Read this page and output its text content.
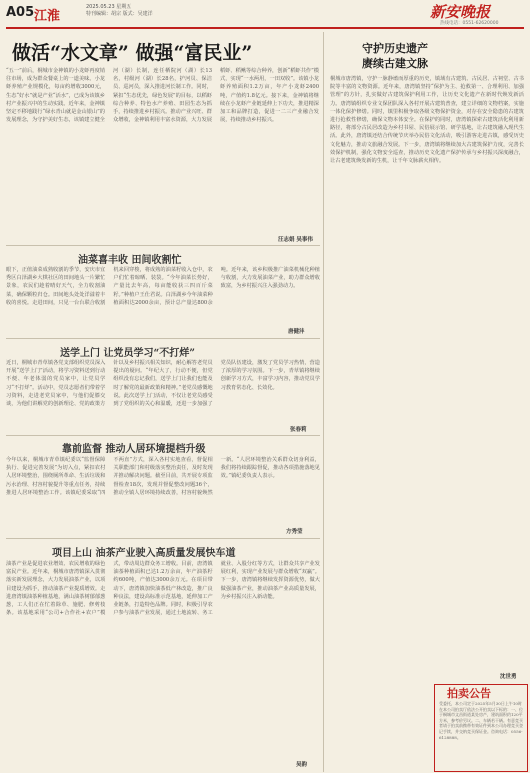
A05 江淮
2025.05.23 星期五
特刊编辑：胡宗 版式：吴建洋	新安晚报
热线电话：0551-62620000
做活“水文章” 做强“富民业”
“五一”前后，桐城市金神镇的小龙虾再度销往市场，成为群众餐桌上的一道美味。小龙虾养殖产业规模化，每亩约增收3000元，生态“好水”就是产业“活水”，已成为该镇乡村产业振兴中的生动实践。近年来，金神镇坚定不移地践行“绿水青山就是金山银山”的发展理念，为守护美好生态，该镇建立健全河（湖）长制，连任栖院河（湖）长13名，村级河（湖）长28名，护河员、保洁员、巡河员，深入推进河长制工作。同时，紧扣“生态优先，绿色发展”的目标，以稻虾综合种养、特色水产养殖、田园生态为抓手，持续推进乡村振兴。推动产业兴旺、群众增收，金神镇利用丰富水资源，大力发展稻虾、稻鳅等综合种养，创新“稻虾共作”模式，实现“一水两用，一田双收”。该镇小龙虾养殖面积1.2万亩，年产小龙虾2400吨，产值约1.8亿元。接下来，金神镇将继续在小龙虾产业链延伸上下功夫，推进精深加工和品牌打造，促进一二三产业融合发展，持续推动乡村振兴。
汪志娟 吴事伟
守护历史遗产
赓续古建文脉
桐城市唐湾镇，守护一脉静谧而厚重的历史，镇域有古建筑、古民居、古祠堂、古书院等丰富的文物资源。近年来，唐湾镇坚持“保护为主、抢救第一、合理利用、加强管理”的方针，扎实做好古建筑保护利用工作，让历史文化遗产在新时代焕发新活力。唐湾镇组织专业文保团队深入各村开展古建筑普查，建立详细的文物档案，实施一体化保护修缮。同时，镇里积极争取各级文物保护资金，对存在安全隐患的古建筑进行抢救性修缮，确保文物本体安全。在保护的同时，唐湾镇探索古建筑活化利用新路径，将部分古民居改造为乡村书屋、民俗展示馆、研学基地，让古建筑融入现代生活。此外，唐湾镇还结合传统节庆举办民俗文化活动，吸引游客走进古镇，感受历史文化魅力，推动文旅融合发展。下一步，唐湾镇将继续加大古建筑保护力度，完善长效保护机制，强化文物安全巡查，推动历史文化遗产保护传承与乡村振兴深度融合，让古老建筑焕发新的生机，让千年文脉薪火相传。
沈世勇
油菜喜丰收 田间收割忙
眼下，正值油菜成熟收割的季节，安庆市宜秀区白泽湖乡大棋社区的田间地头一片繁忙景象，农民们趁着晴好天气，全力收割油菜，确保颗粒归仓。田间地头处处洋溢着丰收的喜悦。走进田间，只见一台台联合收割机来回穿梭，将成熟的油菜籽收入仓中，农户们忙着晾晒、装袋。“今年油菜长势好，产量比去年高，每亩能收获三四百斤菜籽。”种植户王仕君说。白泽湖乡今年油菜种植面积达2000余亩，预计总产量达800余吨。近年来，该乡积极推广油菜机械化种植与收割，大力发展油菜产业，助力群众增收致富，为乡村振兴注入强劲动力。
唐健沣
送学上门 让党员学习“不打烊”
近日，桐城市青草镇各党支部组织党员深入开展“送学上门”活动，将学习资料送到行动不便、年老体弱的党员家中，让党员学习“不打烊”。活动中，党员志愿者们带着学习资料，走进老党员家中，与他们促膝交谈，为他们讲解党的创新理论、党的政策方针以及乡村振兴相关知识，耐心解答老党员提出的疑问。“年纪大了，行动不便，但党组织没有忘记我们，送学上门让我们也能及时了解党的最新政策和精神。”老党员感慨地说。此次送学上门活动，不仅让老党员感受到了党组织的关心和温暖，还进一步加强了党员队伍建设，激发了党员学习热情，营造了浓厚的学习氛围。下一步，青草镇将继续创新学习方式，丰富学习内容，推动党员学习教育常态化、长效化。
张春莉
靠前监督 推动人居环境提档升级
今年以来，桐城市青草镇纪委以“监督保障执行、促进完善发展”为切入点，紧扣农村人居环境整治，围绕厕所革命、生活垃圾和污水治理、村容村貌提升等重点任务，持续推进人居环境整治工作。该镇纪委采取“四不两直”方式，深入各村实地查看，督促相关职能部门和村级落实整治责任，及时发现并推动解决问题。截至目前，共开展专项监督检查18次，发现并督促整改问题36个，推动全镇人居环境持续改善，村容村貌焕然一新。“人居环境整治关系群众切身利益，我们将持续跟踪督促，推动各项措施落地见效。”镇纪委负责人表示。
方秀莹
项目上山 油茶产业驶入高质量发展快车道
油茶产业是促进农业增效、农民增收的绿色富民产业。近年来，桐城市唐湾镇深入贯彻落实新发展理念，大力发展油茶产业，以项目建设为抓手，推动油茶产业提质增效。走进唐湾镇油茶种植基地，满山油茶树郁郁葱葱，工人们正在忙着除草、施肥、修剪枝条。该基地采用“公司+合作社+农户”模式，带动周边群众务工增收。目前，唐湾镇油茶种植面积已达1.2万余亩，年产油茶籽约600吨，产值达3000余万元。在项目带动下，唐湾镇加快油茶低产林改造，推广良种良法，建设高标准示范基地，延伸加工产业链条，打造特色品牌。同时，积极引导农户参与油茶产业发展，通过土地流转、务工就业、入股分红等方式，让群众共享产业发展红利，实现产业发展与群众增收“双赢”。下一步，唐湾镇将继续发挥资源优势，做大做强油茶产业，推动油茶产业高质量发展，为乡村振兴注入新动能。
吴韵
拍卖公告
受委托，本公司定于2025年5月30日上午10时在本公司拍卖厅依法公开拍卖以下标的：一、位于桐城市文昌街道某处房产，建筑面积约120平方米，参考价另议。二、车辆若干辆。有意竞买者请于拍卖前携带有效证件到本公司办理竞买登记手续，并交纳竞买保证金。咨询电话：0556-6128888。
